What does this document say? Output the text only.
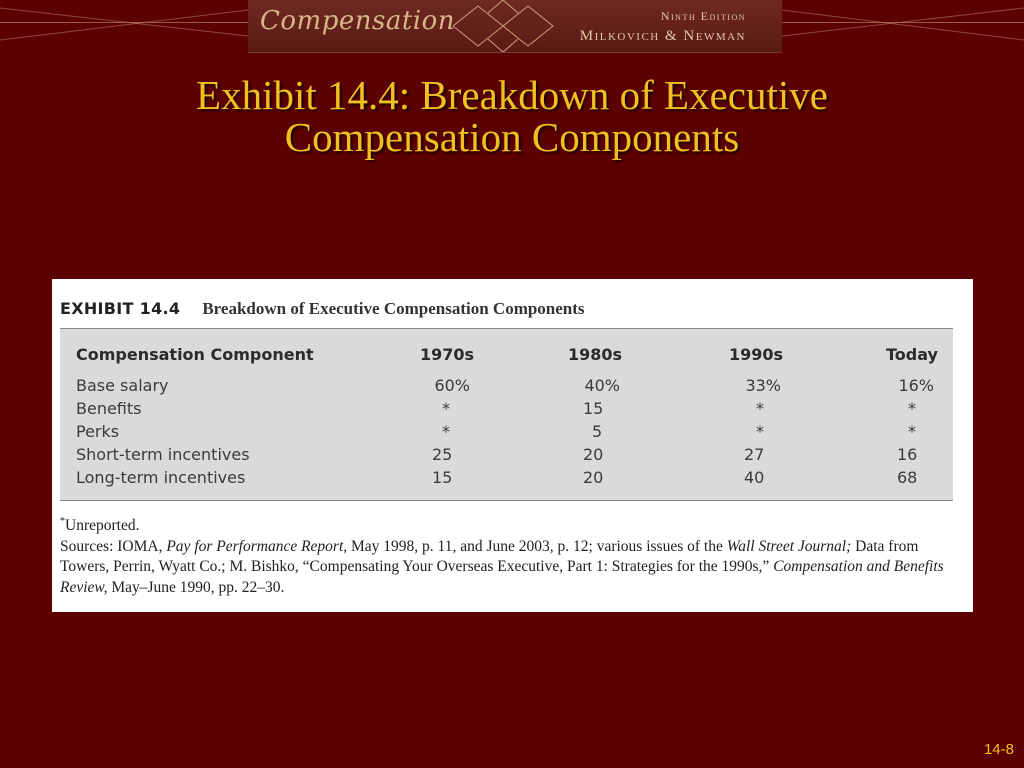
Compensation	Ninth Edition
Milkovich & Newman
Exhibit 14.4: Breakdown of Executive
Compensation Components
EXHIBIT 14.4 Breakdown of Executive Compensation Components
Compensation Component	1970s	1980s	1990s	Today
Base salary	60%	40%	33%	16%
Benefits	*	15	*	*
Perks	*	5	*	*
Short-term incentives	25	20	27	16
Long-term incentives	15	20	40	68

*Unreported.

Sources: IOMA, Pay for Performance Report, May 1998, p. 11, and June 2003, p. 12; various issues of the Wall Street Journal; Data from Towers, Perrin, Wyatt Co.; M. Bishko, “Compensating Your Overseas Executive, Part 1: Strategies for the 1990s,” Compensation and Benefits Review, May–June 1990, pp. 22–30.

14-8
